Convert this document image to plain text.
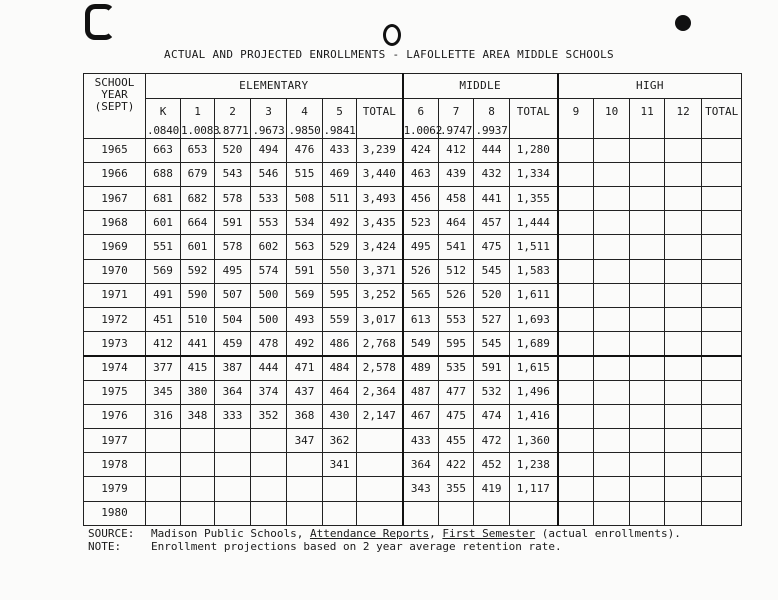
ACTUAL AND PROJECTED ENROLLMENTS - LAFOLLETTE AREA MIDDLE SCHOOLS
SCHOOL
YEAR
(SEPT)	ELEMENTARY							MIDDLE				HIGH				
	K	1	2	3	4	5	TOTAL	6	7	8	TOTAL	9	10	11	12	TOTAL
	.0840	1.0083	.8771	.9673	.9850	.9841		1.0062	.9747	.9937						
1965	663	653	520	494	476	433	3,239	424	412	444	1,280					
1966	688	679	543	546	515	469	3,440	463	439	432	1,334					
1967	681	682	578	533	508	511	3,493	456	458	441	1,355					
1968	601	664	591	553	534	492	3,435	523	464	457	1,444					
1969	551	601	578	602	563	529	3,424	495	541	475	1,511					
1970	569	592	495	574	591	550	3,371	526	512	545	1,583					
1971	491	590	507	500	569	595	3,252	565	526	520	1,611					
1972	451	510	504	500	493	559	3,017	613	553	527	1,693					
1973	412	441	459	478	492	486	2,768	549	595	545	1,689					
1974	377	415	387	444	471	484	2,578	489	535	591	1,615					
1975	345	380	364	374	437	464	2,364	487	477	532	1,496					
1976	316	348	333	352	368	430	2,147	467	475	474	1,416					
1977					347	362		433	455	472	1,360					
1978						341		364	422	452	1,238					
1979								343	355	419	1,117					
1980																
SOURCE:	Madison Public Schools, Attendance Reports, First Semester (actual enrollments).
NOTE:	Enrollment projections based on 2 year average retention rate.
